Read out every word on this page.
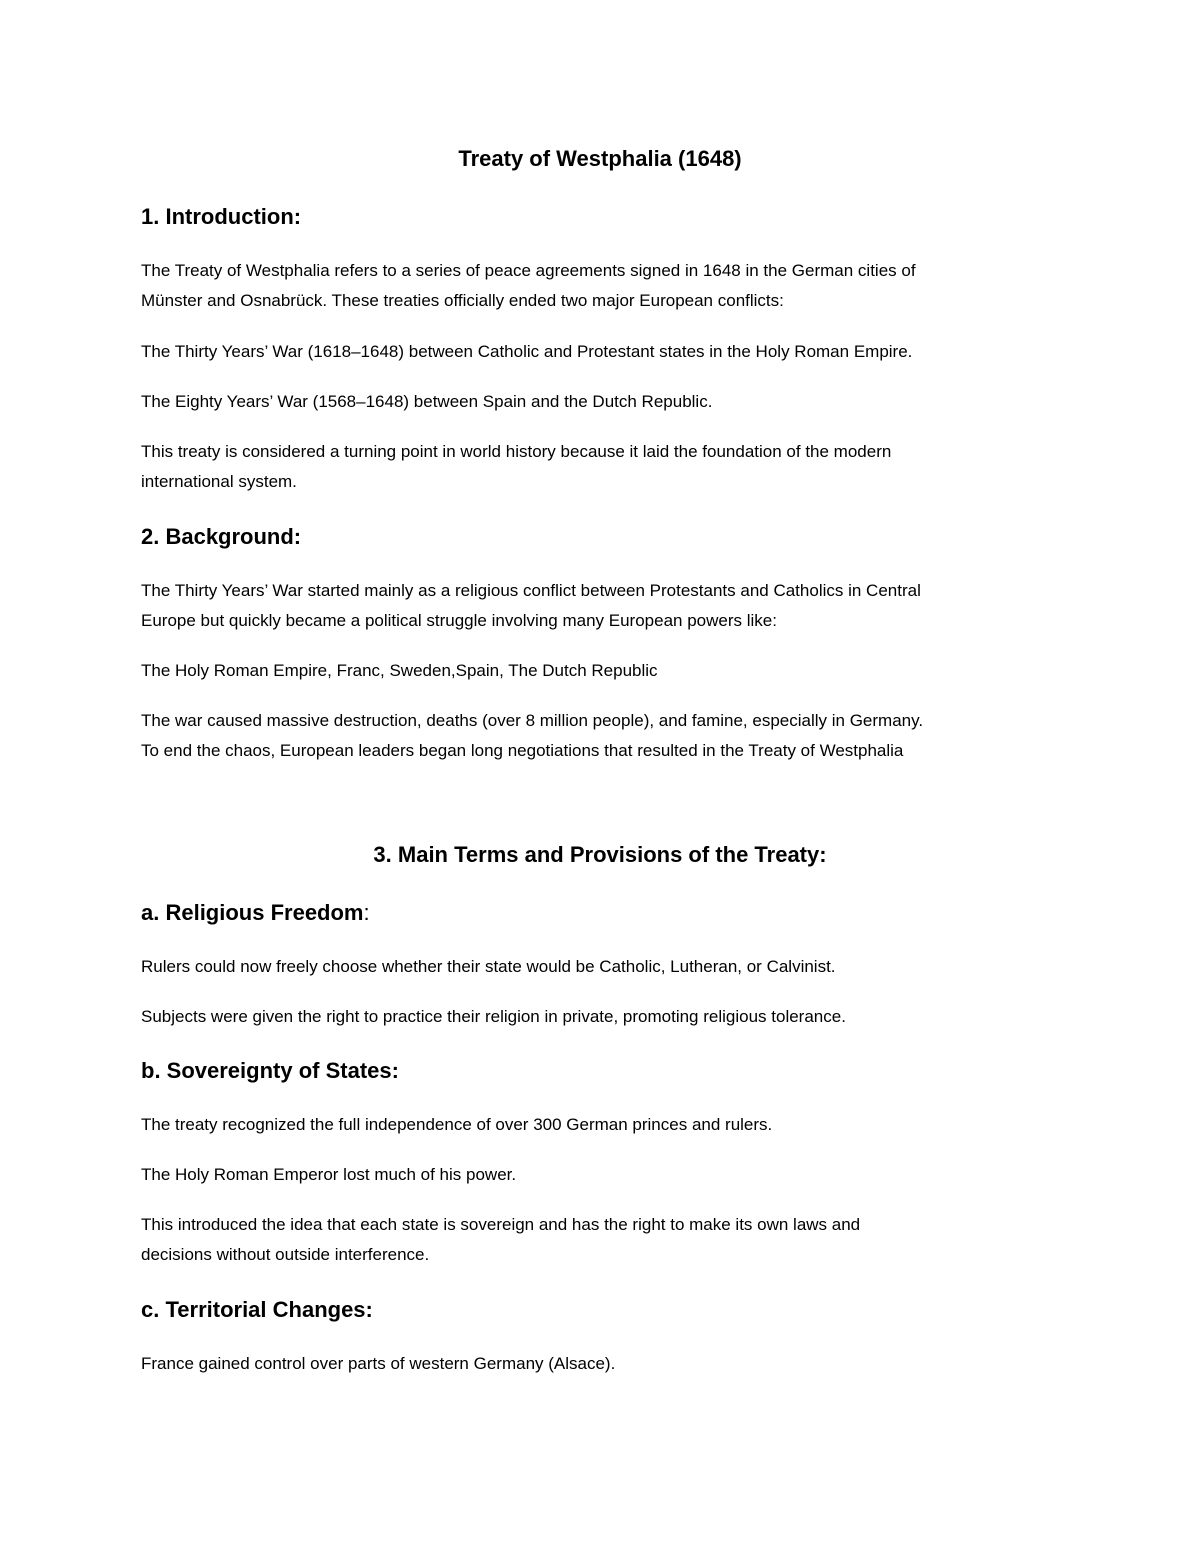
Treaty of Westphalia (1648)
1. Introduction:

The Treaty of Westphalia refers to a series of peace agreements signed in 1648 in the German cities of
Münster and Osnabrück. These treaties officially ended two major European conflicts:

The Thirty Years’ War (1618–1648) between Catholic and Protestant states in the Holy Roman Empire.

The Eighty Years’ War (1568–1648) between Spain and the Dutch Republic.

This treaty is considered a turning point in world history because it laid the foundation of the modern
international system.

2. Background:

The Thirty Years’ War started mainly as a religious conflict between Protestants and Catholics in Central
Europe but quickly became a political struggle involving many European powers like:

The Holy Roman Empire, Franc, Sweden,Spain, The Dutch Republic

The war caused massive destruction, deaths (over 8 million people), and famine, especially in Germany.
To end the chaos, European leaders began long negotiations that resulted in the Treaty of Westphalia

3. Main Terms and Provisions of the Treaty:
a. Religious Freedom:

Rulers could now freely choose whether their state would be Catholic, Lutheran, or Calvinist.

Subjects were given the right to practice their religion in private, promoting religious tolerance.

b. Sovereignty of States:

The treaty recognized the full independence of over 300 German princes and rulers.

The Holy Roman Emperor lost much of his power.

This introduced the idea that each state is sovereign and has the right to make its own laws and
decisions without outside interference.

c. Territorial Changes:

France gained control over parts of western Germany (Alsace).
